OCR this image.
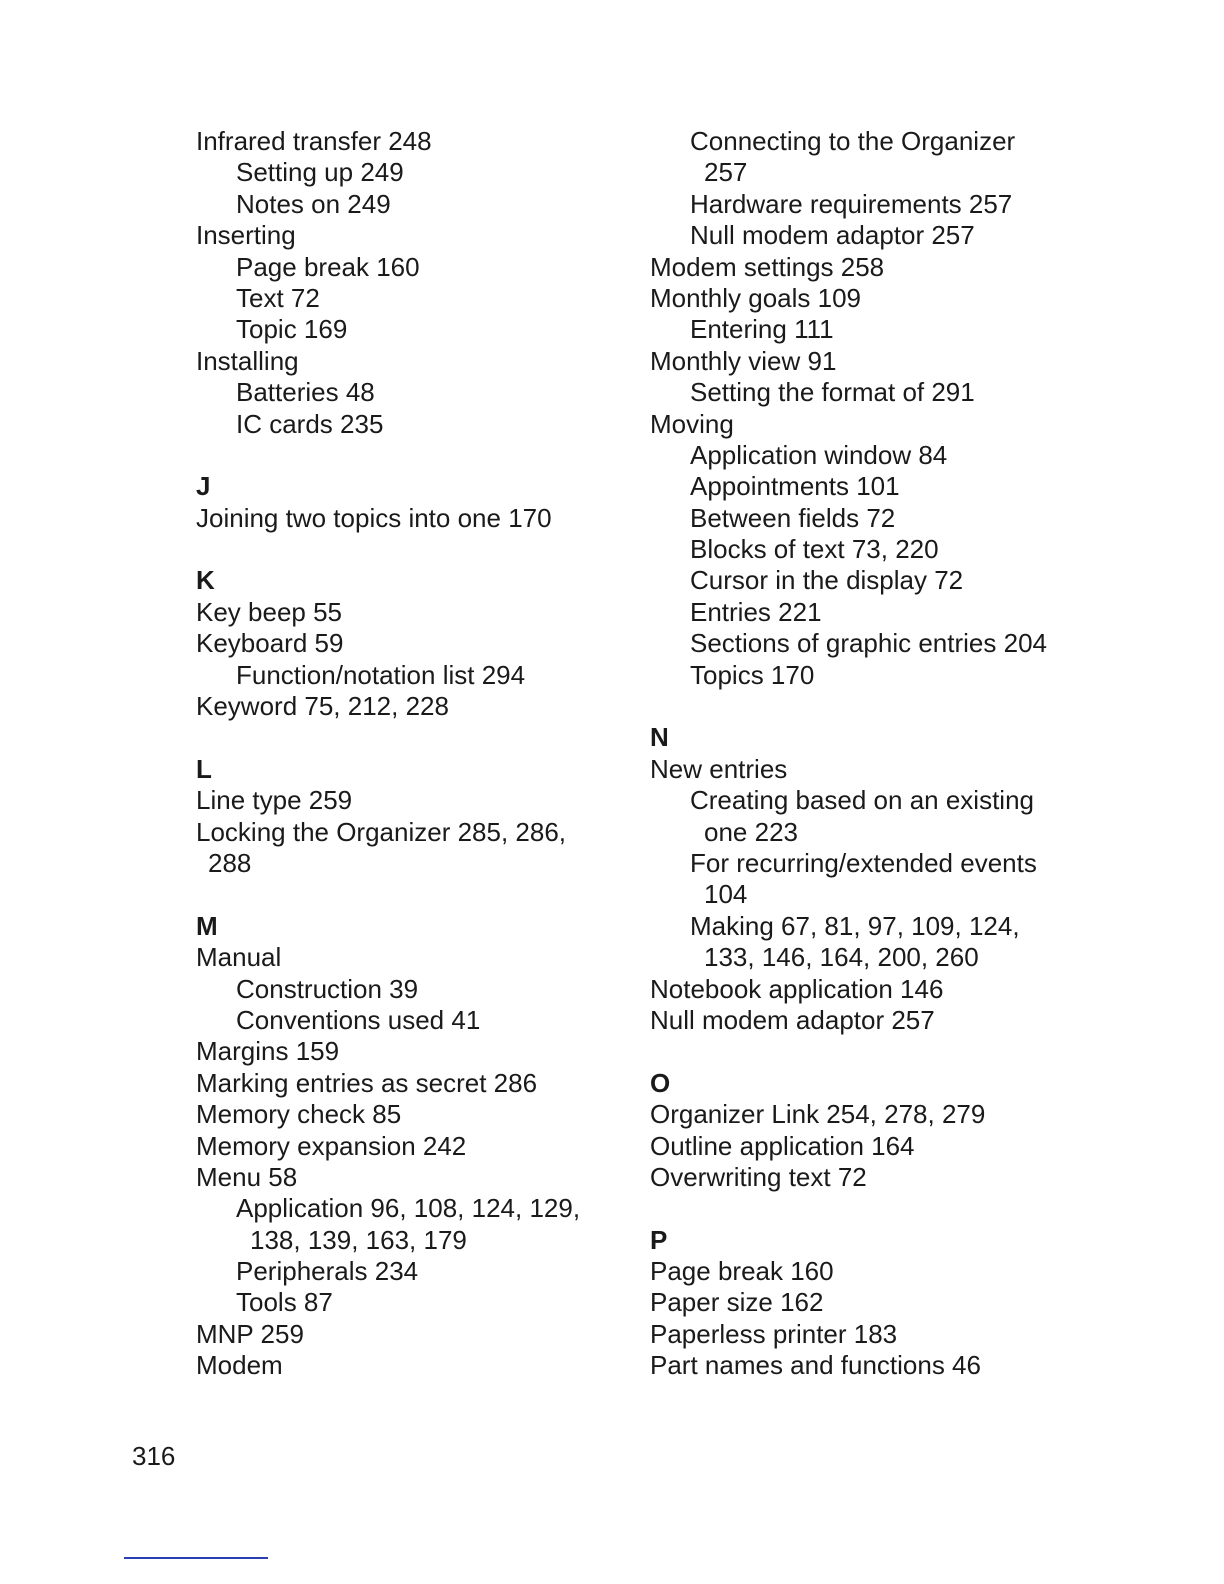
Infrared transfer 248
Setting up 249
Notes on 249
Inserting
Page break 160
Text 72
Topic 169
Installing
Batteries 48
IC cards 235
J
Joining two topics into one 170
K
Key beep 55
Keyboard 59
Function/notation list 294
Keyword 75, 212, 228
L
Line type 259
Locking the Organizer 285, 286,
288
M
Manual
Construction 39
Conventions used 41
Margins 159
Marking entries as secret 286
Memory check 85
Memory expansion 242
Menu 58
Application 96, 108, 124, 129,
138, 139, 163, 179
Peripherals 234
Tools 87
MNP 259
Modem
Connecting to the Organizer
257
Hardware requirements 257
Null modem adaptor 257
Modem settings 258
Monthly goals 109
Entering 111
Monthly view 91
Setting the format of 291
Moving
Application window 84
Appointments 101
Between fields 72
Blocks of text 73, 220
Cursor in the display 72
Entries 221
Sections of graphic entries 204
Topics 170
N
New entries
Creating based on an existing
one 223
For recurring/extended events
104
Making 67, 81, 97, 109, 124,
133, 146, 164, 200, 260
Notebook application 146
Null modem adaptor 257
O
Organizer Link 254, 278, 279
Outline application 164
Overwriting text 72
P
Page break 160
Paper size 162
Paperless printer 183
Part names and functions 46
316
